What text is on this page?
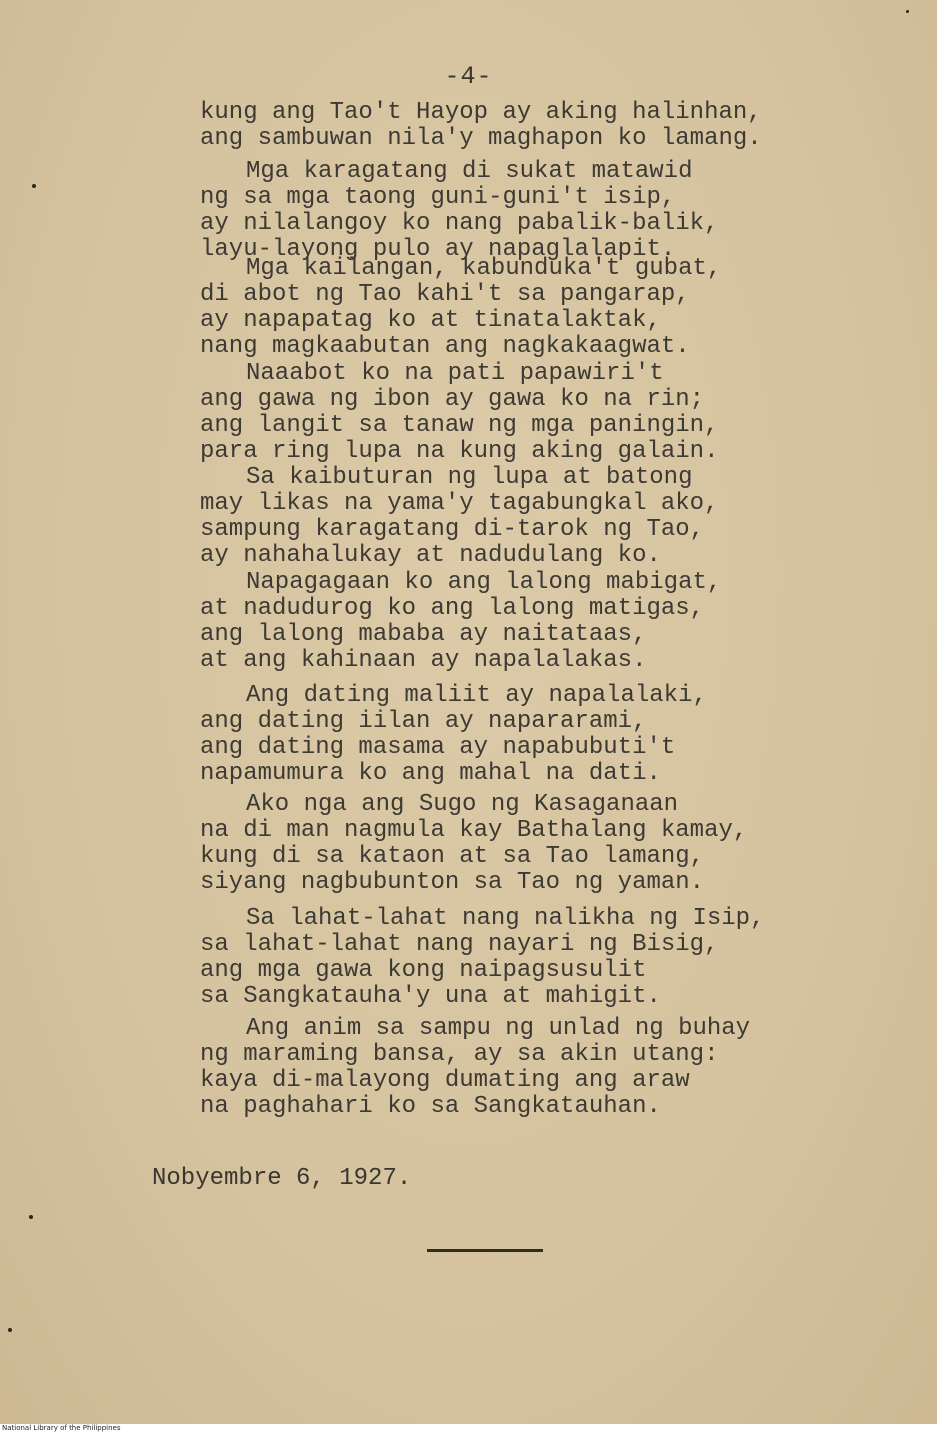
-4-
kung ang Tao't Hayop ay aking halinhan,
ang sambuwan nila'y maghapon ko lamang.
Mga karagatang di sukat matawid
ng sa mga taong guni-guni't isip,
ay nilalangoy ko nang pabalik-balik,
layu-layong pulo ay napaglalapit.
Mga kailangan, kabunduka't gubat,
di abot ng Tao kahi't sa pangarap,
ay napapatag ko at tinatalaktak,
nang magkaabutan ang nagkakaagwat.
Naaabot ko na pati papawiri't
ang gawa ng ibon ay gawa ko na rin;
ang langit sa tanaw ng mga paningin,
para ring lupa na kung aking galain.
Sa kaibuturan ng lupa at batong
may likas na yama'y tagabungkal ako,
sampung karagatang di-tarok ng Tao,
ay nahahalukay at nadudulang ko.
Napagagaan ko ang lalong mabigat,
at nadudurog ko ang lalong matigas,
ang lalong mababa ay naitataas,
at ang kahinaan ay napalalakas.
Ang dating maliit ay napalalaki,
ang dating iilan ay napararami,
ang dating masama ay napabubuti't
napamumura ko ang mahal na dati.
Ako nga ang Sugo ng Kasaganaan
na di man nagmula kay Bathalang kamay,
kung di sa kataon at sa Tao lamang,
siyang nagbubunton sa Tao ng yaman.
Sa lahat-lahat nang nalikha ng Isip,
sa lahat-lahat nang nayari ng Bisig,
ang mga gawa kong naipagsusulit
sa Sangkatauha'y una at mahigit.
Ang anim sa sampu ng unlad ng buhay
ng maraming bansa, ay sa akin utang:
kaya di-malayong dumating ang araw
na paghahari ko sa Sangkatauhan.
Nobyembre 6, 1927.
National Library of the Philippines
